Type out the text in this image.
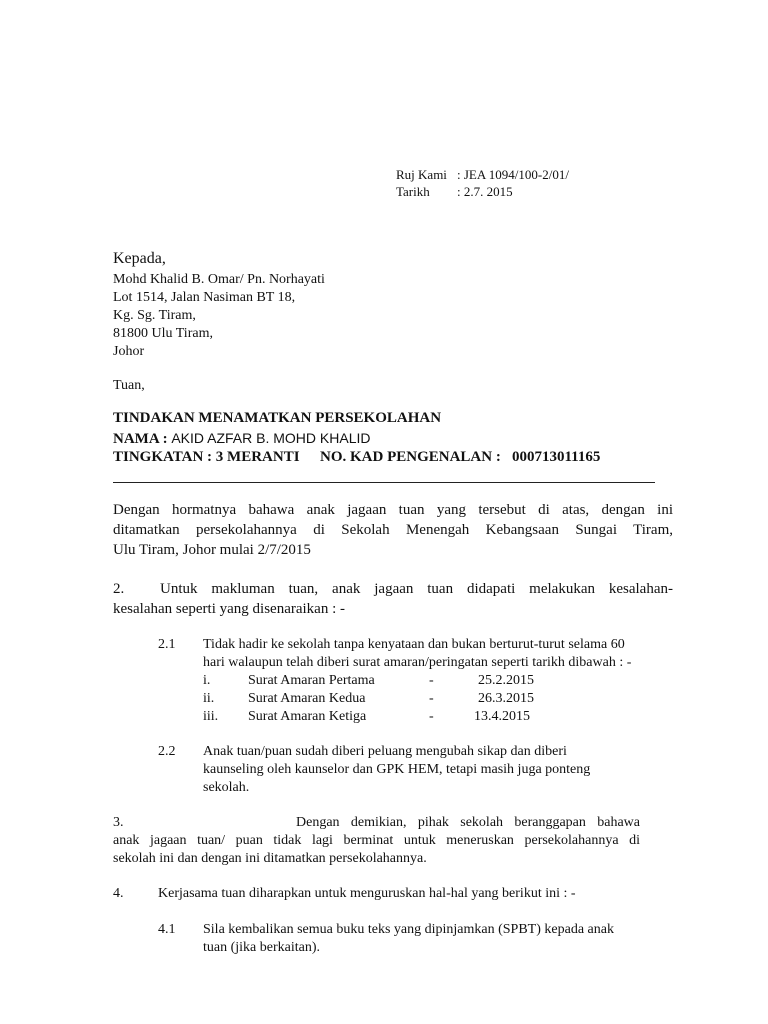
Ruj Kami : JEA 1094/100-2/01/
Tarikh : 2.7. 2015
Kepada,
Mohd Khalid B. Omar/ Pn. Norhayati
Lot 1514, Jalan Nasiman BT 18,
Kg. Sg. Tiram,
81800 Ulu Tiram,
Johor
Tuan,
TINDAKAN MENAMATKAN PERSEKOLAHAN
NAMA : AKID AZFAR B. MOHD KHALID
TINGKATAN : 3 MERANTI NO. KAD PENGENALAN : 000713011165
Dengan hormatnya bahawa anak jagaan tuan yang tersebut di atas, dengan ini
ditamatkan persekolahannya di Sekolah Menengah Kebangsaan Sungai Tiram,
Ulu Tiram, Johor mulai 2/7/2015
2. Untuk makluman tuan, anak jagaan tuan didapati melakukan kesalahan-
kesalahan seperti yang disenaraikan : -
2.1 Tidak hadir ke sekolah tanpa kenyataan dan bukan berturut-turut selama 60
hari walaupun telah diberi surat amaran/peringatan seperti tarikh dibawah : -
i.	Surat Amaran Pertama	-	25.2.2015
ii. Surat Amaran Kedua	-	26.3.2015
iii. Surat Amaran Ketiga	-	13.4.2015
2.2 Anak tuan/puan sudah diberi peluang mengubah sikap dan diberi
kaunseling oleh kaunselor dan GPK HEM, tetapi masih juga ponteng
sekolah.
3.	Dengan demikian, pihak sekolah beranggapan bahawa
anak jagaan tuan/ puan tidak lagi berminat untuk meneruskan persekolahannya di
sekolah ini dan dengan ini ditamatkan persekolahannya.
4. Kerjasama tuan diharapkan untuk menguruskan hal-hal yang berikut ini : -
4.1 Sila kembalikan semua buku teks yang dipinjamkan (SPBT) kepada anak
tuan (jika berkaitan).
